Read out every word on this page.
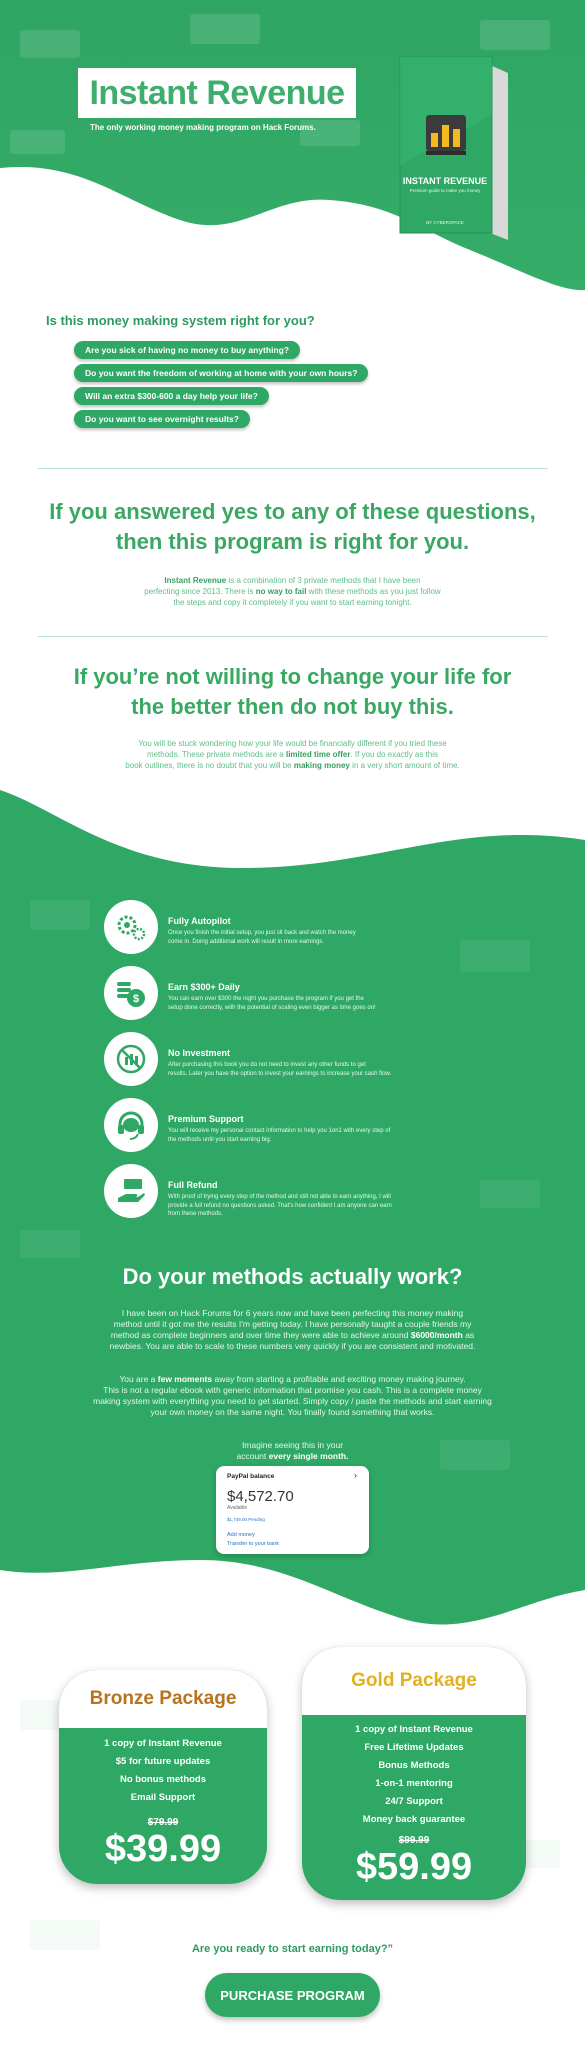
Instant Revenue
The only working money making program on Hack Forums.
INSTANT REVENUE
Premium guide to make you money
BY CYBERSPACE
Is this money making system right for you?
Are you sick of having no money to buy anything?
Do you want the freedom of working at home with your own hours?
Will an extra $300-600 a day help your life?
Do you want to see overnight results?
If you answered yes to any of these questions,
then this program is right for you.
Instant Revenue is a combination of 3 private methods that I have been
perfecting since 2013. There is no way to fail with these methods as you just follow
the steps and copy it completely if you want to start earning tonight.
If you’re not willing to change your life for
the better then do not buy this.
You will be stuck wondering how your life would be financially different if you tried these
methods. These private methods are a limited time offer. If you do exactly as this
book outlines, there is no doubt that you will be making money in a very short amount of time.
Fully Autopilot
Once you finish the initial setup, you just sit back and watch the money
come in. Doing additional work will result in more earnings.
$
Earn $300+ Daily
You can earn over $300 the night you purchase the program if you get the
setup done correctly, with the potential of scaling even bigger as time goes on!
No Investment
After purchasing this book you do not need to invest any other funds to get
results. Later you have the option to invest your earnings to increase your cash flow.
Premium Support
You will receive my personal contact information to help you 1on1 with every step of
the methods until you start earning big.
Full Refund
With proof of trying every step of the method and still not able to earn anything, I will
provide a full refund no questions asked. That's how confident I am anyone can earn from these methods.
Do your methods actually work?
I have been on Hack Forums for 6 years now and have been perfecting this money making
method until it got me the results I'm getting today. I have personally taught a couple friends my
method as complete beginners and over time they were able to achieve around $6000/month as
newbies. You are able to scale to these numbers very quickly if you are consistent and motivated.
You are a few moments away from starting a profitable and exciting money making journey.
This is not a regular ebook with generic information that promise you cash. This is a complete money
making system with everything you need to get started. Simply copy / paste the methods and start earning
your own money on the same night. You finally found something that works.
Imagine seeing this in your
account every single month.
PayPal balance	›
$4,572.70
Available
$1,749.00 Pending
Add money
Transfer to your bank
Bronze Package
1 copy of Instant Revenue
$5 for future updates
No bonus methods
Email Support
$79.99
$39.99
Gold Package
1 copy of Instant Revenue
Free Lifetime Updates
Bonus Methods
1-on-1 mentoring
24/7 Support
Money back guarantee
$99.99
$59.99
Are you ready to start earning today?”
PURCHASE PROGRAM
